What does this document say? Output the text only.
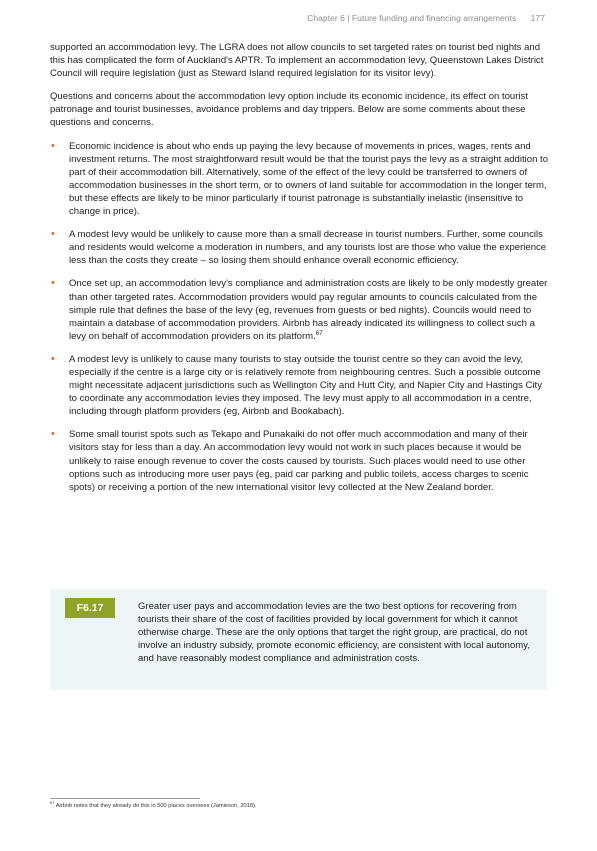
Chapter 6 | Future funding and financing arrangements 177

supported an accommodation levy. The LGRA does not allow councils to set targeted rates on tourist bed nights and this has complicated the form of Auckland's APTR. To implement an accommodation levy, Queenstown Lakes District Council will require legislation (just as Steward Island required legislation for its visitor levy).

Questions and concerns about the accommodation levy option include its economic incidence, its effect on tourist patronage and tourist businesses, avoidance problems and day trippers. Below are some comments about these questions and concerns.

• Economic incidence is about who ends up paying the levy because of movements in prices, wages, rents and investment returns. The most straightforward result would be that the tourist pays the levy as a straight addition to part of their accommodation bill. Alternatively, some of the effect of the levy could be transferred to owners of accommodation businesses in the short term, or to owners of land suitable for accommodation in the longer term, but these effects are likely to be minor particularly if tourist patronage is substantially inelastic (insensitive to change in price).
• A modest levy would be unlikely to cause more than a small decrease in tourist numbers. Further, some councils and residents would welcome a moderation in numbers, and any tourists lost are those who value the experience less than the costs they create – so losing them should enhance overall economic efficiency.
• Once set up, an accommodation levy's compliance and administration costs are likely to be only modestly greater than other targeted rates. Accommodation providers would pay regular amounts to councils calculated from the simple rule that defines the base of the levy (eg, revenues from guests or bed nights). Councils would need to maintain a database of accommodation providers. Airbnb has already indicated its willingness to collect such a levy on behalf of accommodation providers on its platform.$^{67}$
• A modest levy is unlikely to cause many tourists to stay outside the tourist centre so they can avoid the levy, especially if the centre is a large city or is relatively remote from neighbouring centres. Such a possible outcome might necessitate adjacent jurisdictions such as Wellington City and Hutt City, and Napier City and Hastings City to coordinate any accommodation levies they imposed. The levy must apply to all accommodation in a centre, including through platform providers (eg, Airbnb and Bookabach).
• Some small tourist spots such as Tekapo and Punakaiki do not offer much accommodation and many of their visitors stay for less than a day. An accommodation levy would not work in such places because it would be unlikely to raise enough revenue to cover the costs caused by tourists. Such places would need to use other options such as introducing more user pays (eg, paid car parking and public toilets, access charges to scenic spots) or receiving a portion of the new international visitor levy collected at the New Zealand border.
F6.17	Greater user pays and accommodation levies are the two best options for recovering from tourists their share of the cost of facilities provided by local government for which it cannot otherwise charge. These are the only options that target the right group, are practical, do not involve an industry subsidy, promote economic efficiency, are consistent with local autonomy, and have reasonably modest compliance and administration costs.
$^{67}$ Airbnb notes that they already do this in 500 places oversees (Jamieson, 2018).
